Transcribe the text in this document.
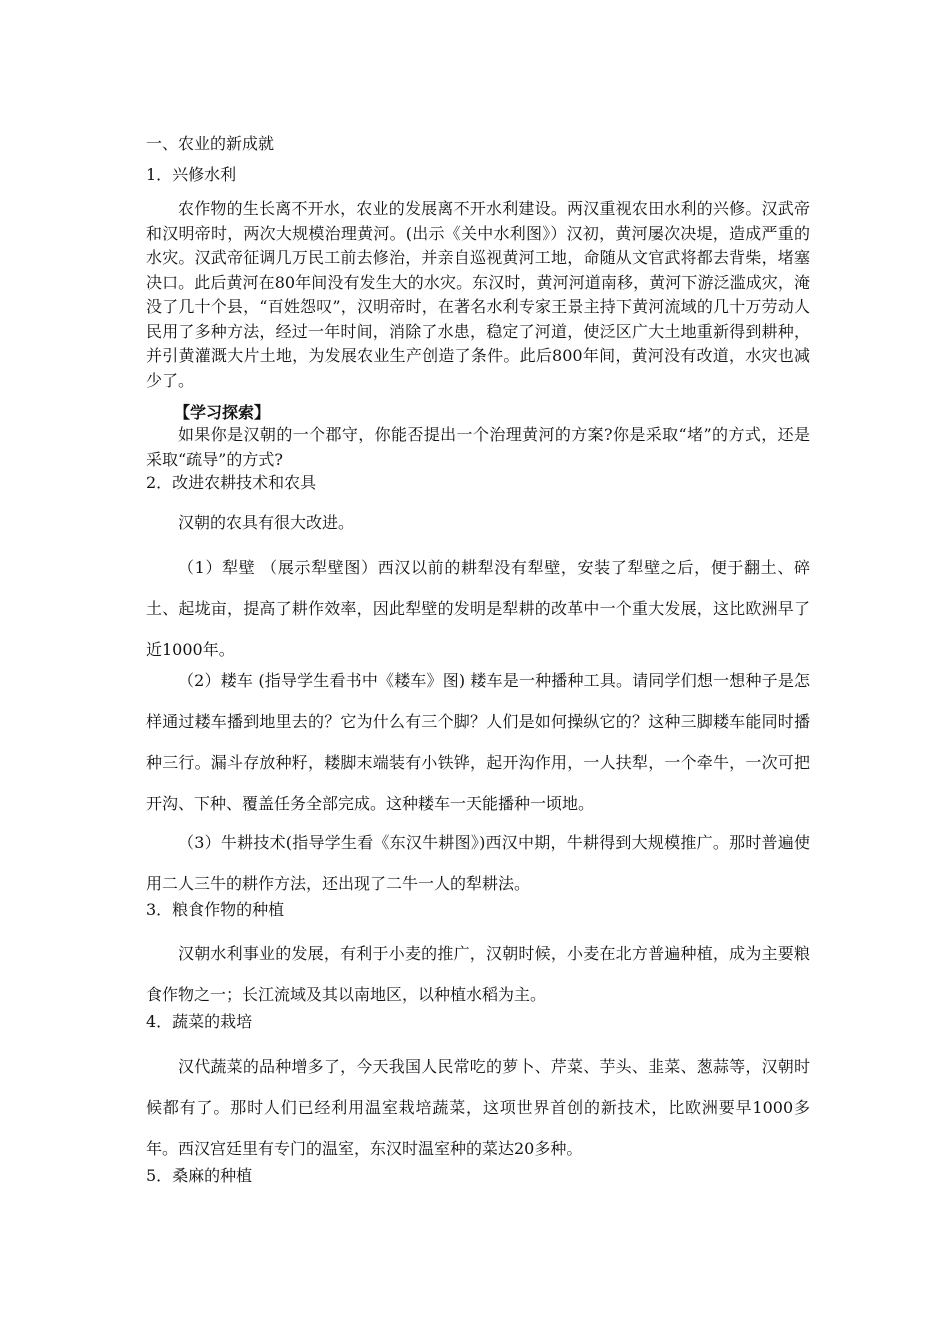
一、农业的新成就
1．兴修水利
农作物的生长离不开水，农业的发展离不开水利建设。两汉重视农田水利的兴修。汉武帝和汉明帝时，两次大规模治理黄河。(出示《关中水利图》）汉初，黄河屡次决堤，造成严重的水灾。汉武帝征调几万民工前去修治，并亲自巡视黄河工地，命随从文官武将都去背柴，堵塞决口。此后黄河在80年间没有发生大的水灾。东汉时，黄河河道南移，黄河下游泛滥成灾，淹没了几十个县，“百姓怨叹”，汉明帝时，在著名水利专家王景主持下黄河流域的几十万劳动人民用了多种方法，经过一年时间，消除了水患，稳定了河道，使泛区广大土地重新得到耕种，并引黄灌溉大片土地，为发展农业生产创造了条件。此后800年间，黄河没有改道，水灾也减少了。
【学习探索】
如果你是汉朝的一个郡守，你能否提出一个治理黄河的方案?你是采取“堵”的方式，还是采取“疏导”的方式?
2．改进农耕技术和农具
汉朝的农具有很大改进。
（1）犁壁 （展示犁壁图）西汉以前的耕犁没有犁壁，安装了犁壁之后，便于翻土、碎土、起垅亩，提高了耕作效率，因此犁壁的发明是犁耕的改革中一个重大发展，这比欧洲早了近1000年。
（2）耧车 (指导学生看书中《耧车》图) 耧车是一种播种工具。请同学们想一想种子是怎样通过耧车播到地里去的？它为什么有三个脚？人们是如何操纵它的？这种三脚耧车能同时播种三行。漏斗存放种籽，耧脚末端装有小铁铧，起开沟作用，一人扶犁，一个牵牛，一次可把开沟、下种、覆盖任务全部完成。这种耧车一天能播种一顷地。
（3）牛耕技术(指导学生看《东汉牛耕图》)西汉中期，牛耕得到大规模推广。那时普遍使用二人三牛的耕作方法，还出现了二牛一人的犁耕法。
3．粮食作物的种植
汉朝水利事业的发展，有利于小麦的推广，汉朝时候，小麦在北方普遍种植，成为主要粮食作物之一；长江流域及其以南地区，以种植水稻为主。
4．蔬菜的栽培
汉代蔬菜的品种增多了，今天我国人民常吃的萝卜、芹菜、芋头、韭菜、葱蒜等，汉朝时候都有了。那时人们已经利用温室栽培蔬菜，这项世界首创的新技术，比欧洲要早1000多年。西汉宫廷里有专门的温室，东汉时温室种的菜达20多种。
5．桑麻的种植
